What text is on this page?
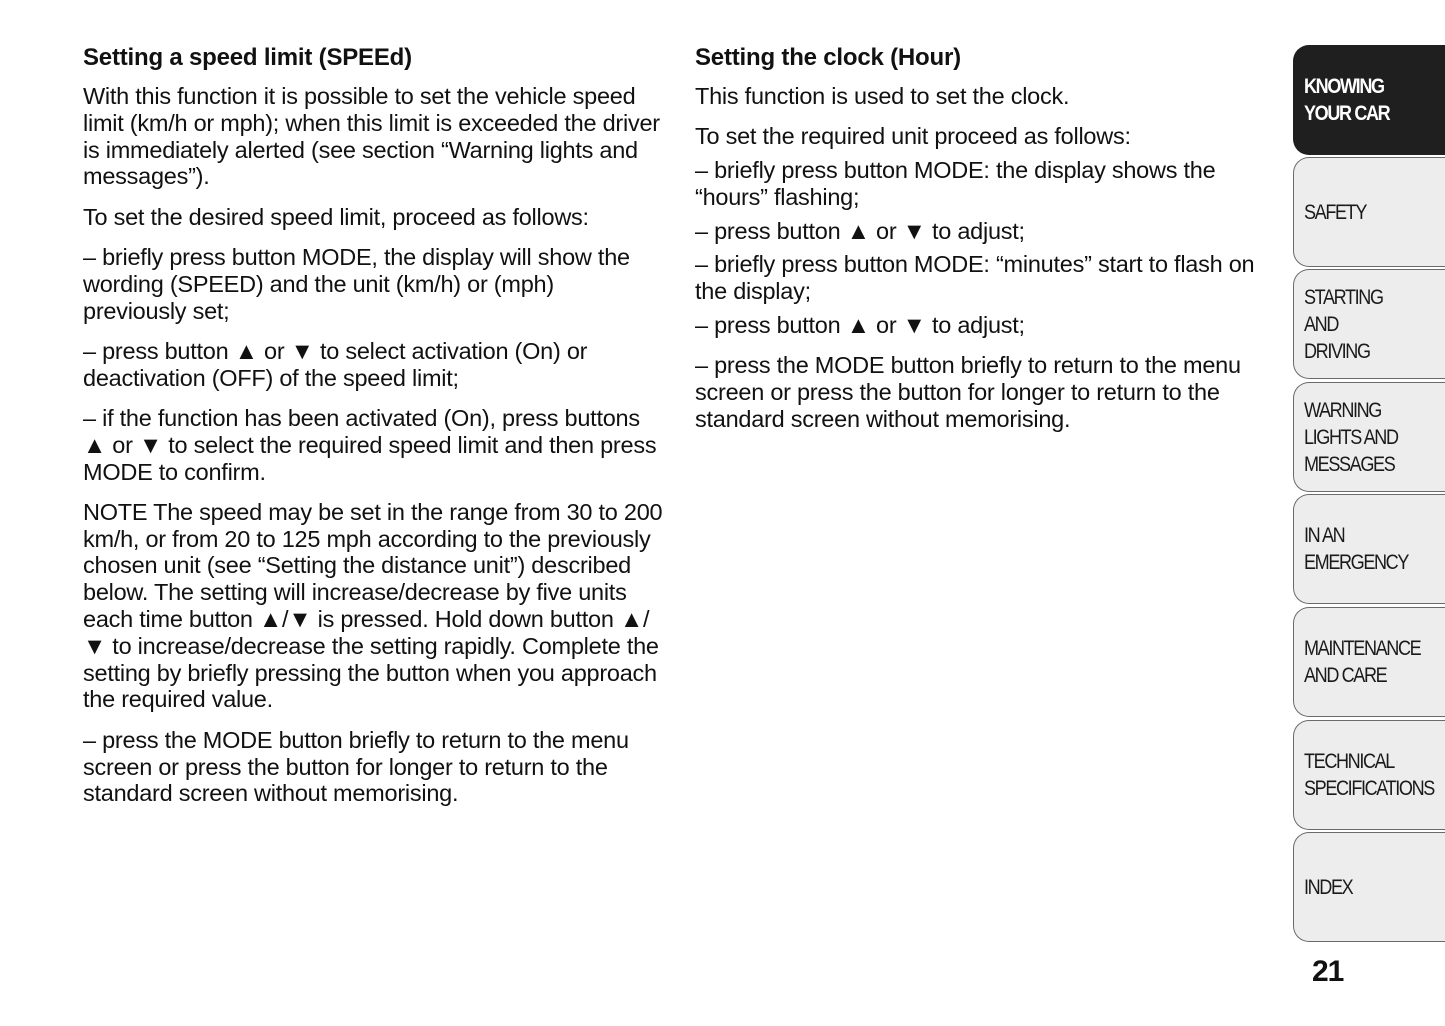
Setting a speed limit (SPEEd)

With this function it is possible to set the vehicle speed limit (km/h or mph); when this limit is exceeded the driver is immediately alerted (see section “Warning lights and messages”).

To set the desired speed limit, proceed as follows:

– briefly press button MODE, the display will show the wording (SPEED) and the unit (km/h) or (mph) previously set;

– press button ▲ or ▼ to select activation (On) or deactivation (OFF) of the speed limit;

– if the function has been activated (On), press buttons ▲ or ▼ to select the required speed limit and then press MODE to confirm.

NOTE The speed may be set in the range from 30 to 200 km/h, or from 20 to 125 mph according to the previously chosen unit (see “Setting the distance unit”) described below. The setting will increase/decrease by five units each time button ▲/▼ is pressed. Hold down button ▲/▼ to increase/decrease the setting rapidly. Complete the setting by briefly pressing the button when you approach the required value.

– press the MODE button briefly to return to the menu screen or press the button for longer to return to the standard screen without memorising.

Setting the clock (Hour)

This function is used to set the clock.

To set the required unit proceed as follows:

– briefly press button MODE: the display shows the “hours” flashing;

– press button ▲ or ▼ to adjust;

– briefly press button MODE: “minutes” start to flash on the display;

– press button ▲ or ▼ to adjust;

– press the MODE button briefly to return to the menu screen or press the button for longer to return to the standard screen without memorising.

KNOWING
YOUR CAR
SAFETY
STARTING
AND
DRIVING
WARNING
LIGHTS AND
MESSAGES
IN AN
EMERGENCY
MAINTENANCE
AND CARE
TECHNICAL
SPECIFICATIONS
INDEX
21
